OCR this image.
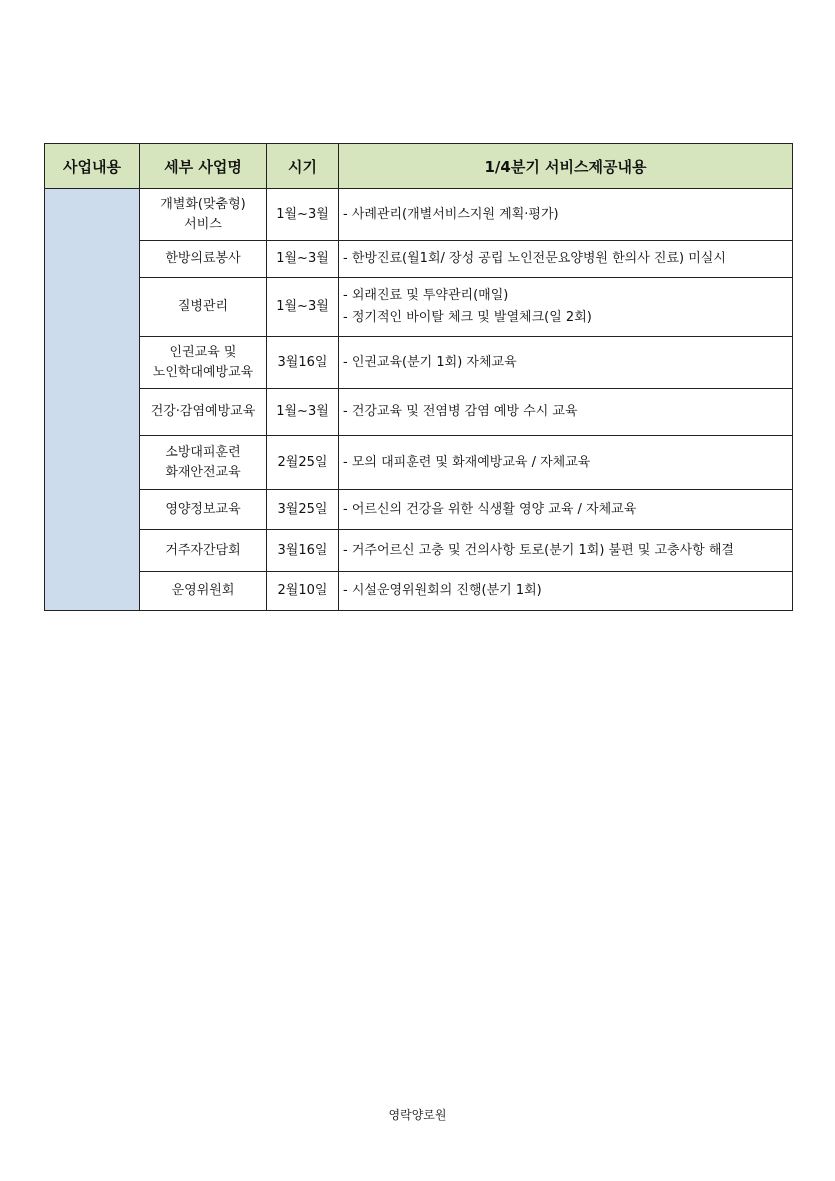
사업내용	세부 사업명	시기	1/4분기 서비스제공내용

	개별화(맞춤형)
서비스	1월~3월	- 사례관리(개별서비스지원 계획·평가)

	한방의료봉사	1월~3월	- 한방진료(월1회/ 장성 공립 노인전문요양병원 한의사 진료) 미실시

	질병관리	1월~3월	- 외래진료 및 투약관리(매일)
- 정기적인 바이탈 체크 및 발열체크(일 2회)

	인권교육 및
노인학대예방교육	3월16일	- 인권교육(분기 1회) 자체교육

	건강·감염예방교육	1월~3월	- 건강교육 및 전염병 감염 예방 수시 교육

	소방대피훈련
화재안전교육	2월25일	- 모의 대피훈련 및 화재예방교육 / 자체교육

	영양정보교육	3월25일	- 어르신의 건강을 위한 식생활 영양 교육 / 자체교육

	거주자간담회	3월16일	- 거주어르신 고충 및 건의사항 토로(분기 1회) 불편 및 고충사항 해결

	운영위원회	2월10일	- 시설운영위원회의 진행(분기 1회)
영락양로원
